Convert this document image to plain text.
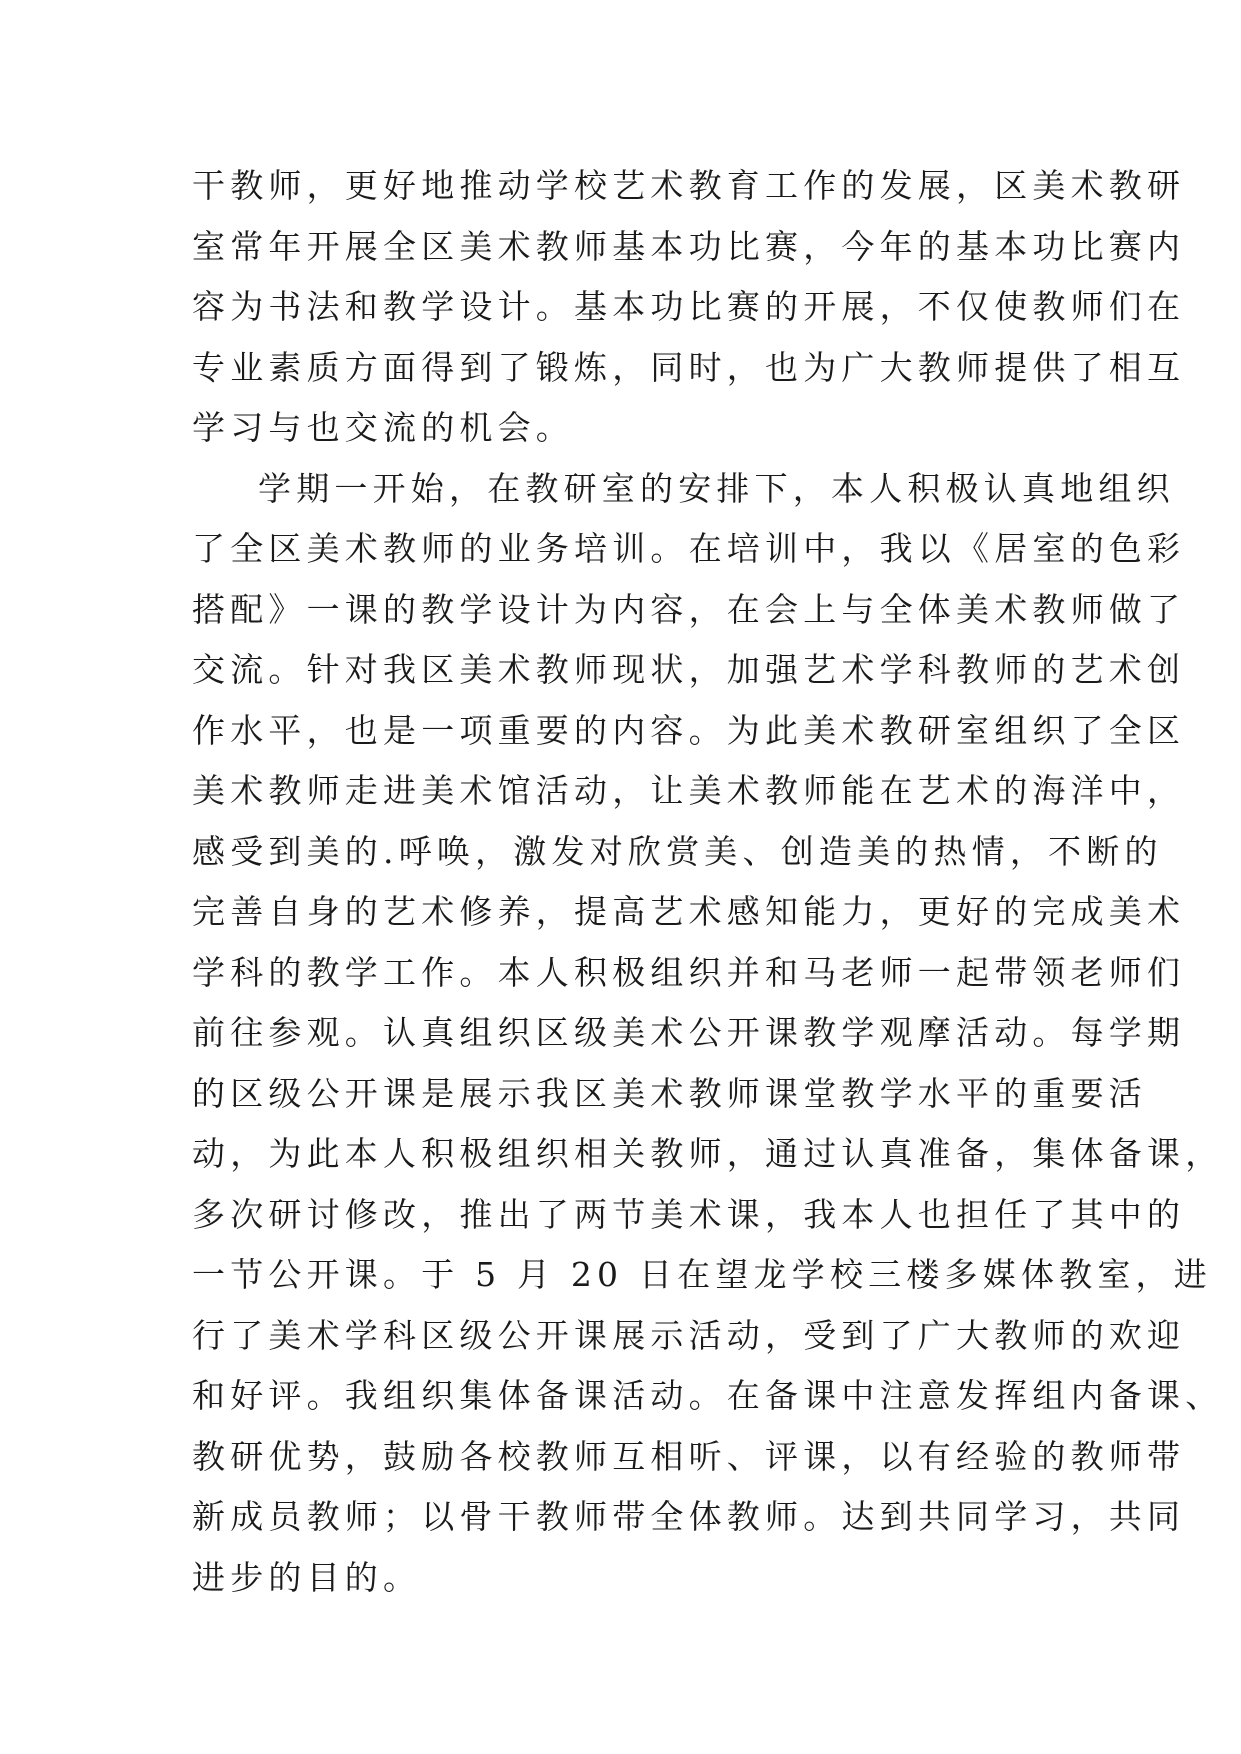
干教师，更好地推动学校艺术教育工作的发展，区美术教研
室常年开展全区美术教师基本功比赛，今年的基本功比赛内
容为书法和教学设计。基本功比赛的开展，不仅使教师们在
专业素质方面得到了锻炼，同时，也为广大教师提供了相互
学习与也交流的机会。
学期一开始，在教研室的安排下，本人积极认真地组织
了全区美术教师的业务培训。在培训中，我以《居室的色彩
搭配》一课的教学设计为内容，在会上与全体美术教师做了
交流。针对我区美术教师现状，加强艺术学科教师的艺术创
作水平，也是一项重要的内容。为此美术教研室组织了全区
美术教师走进美术馆活动，让美术教师能在艺术的海洋中，
感受到美的.呼唤，激发对欣赏美、创造美的热情，不断的
完善自身的艺术修养，提高艺术感知能力，更好的完成美术
学科的教学工作。本人积极组织并和马老师一起带领老师们
前往参观。认真组织区级美术公开课教学观摩活动。每学期
的区级公开课是展示我区美术教师课堂教学水平的重要活
动，为此本人积极组织相关教师，通过认真准备，集体备课，
多次研讨修改，推出了两节美术课，我本人也担任了其中的
一节公开课。于 5 月 20 日在望龙学校三楼多媒体教室，进
行了美术学科区级公开课展示活动，受到了广大教师的欢迎
和好评。我组织集体备课活动。在备课中注意发挥组内备课、
教研优势，鼓励各校教师互相听、评课，以有经验的教师带
新成员教师；以骨干教师带全体教师。达到共同学习，共同
进步的目的。
